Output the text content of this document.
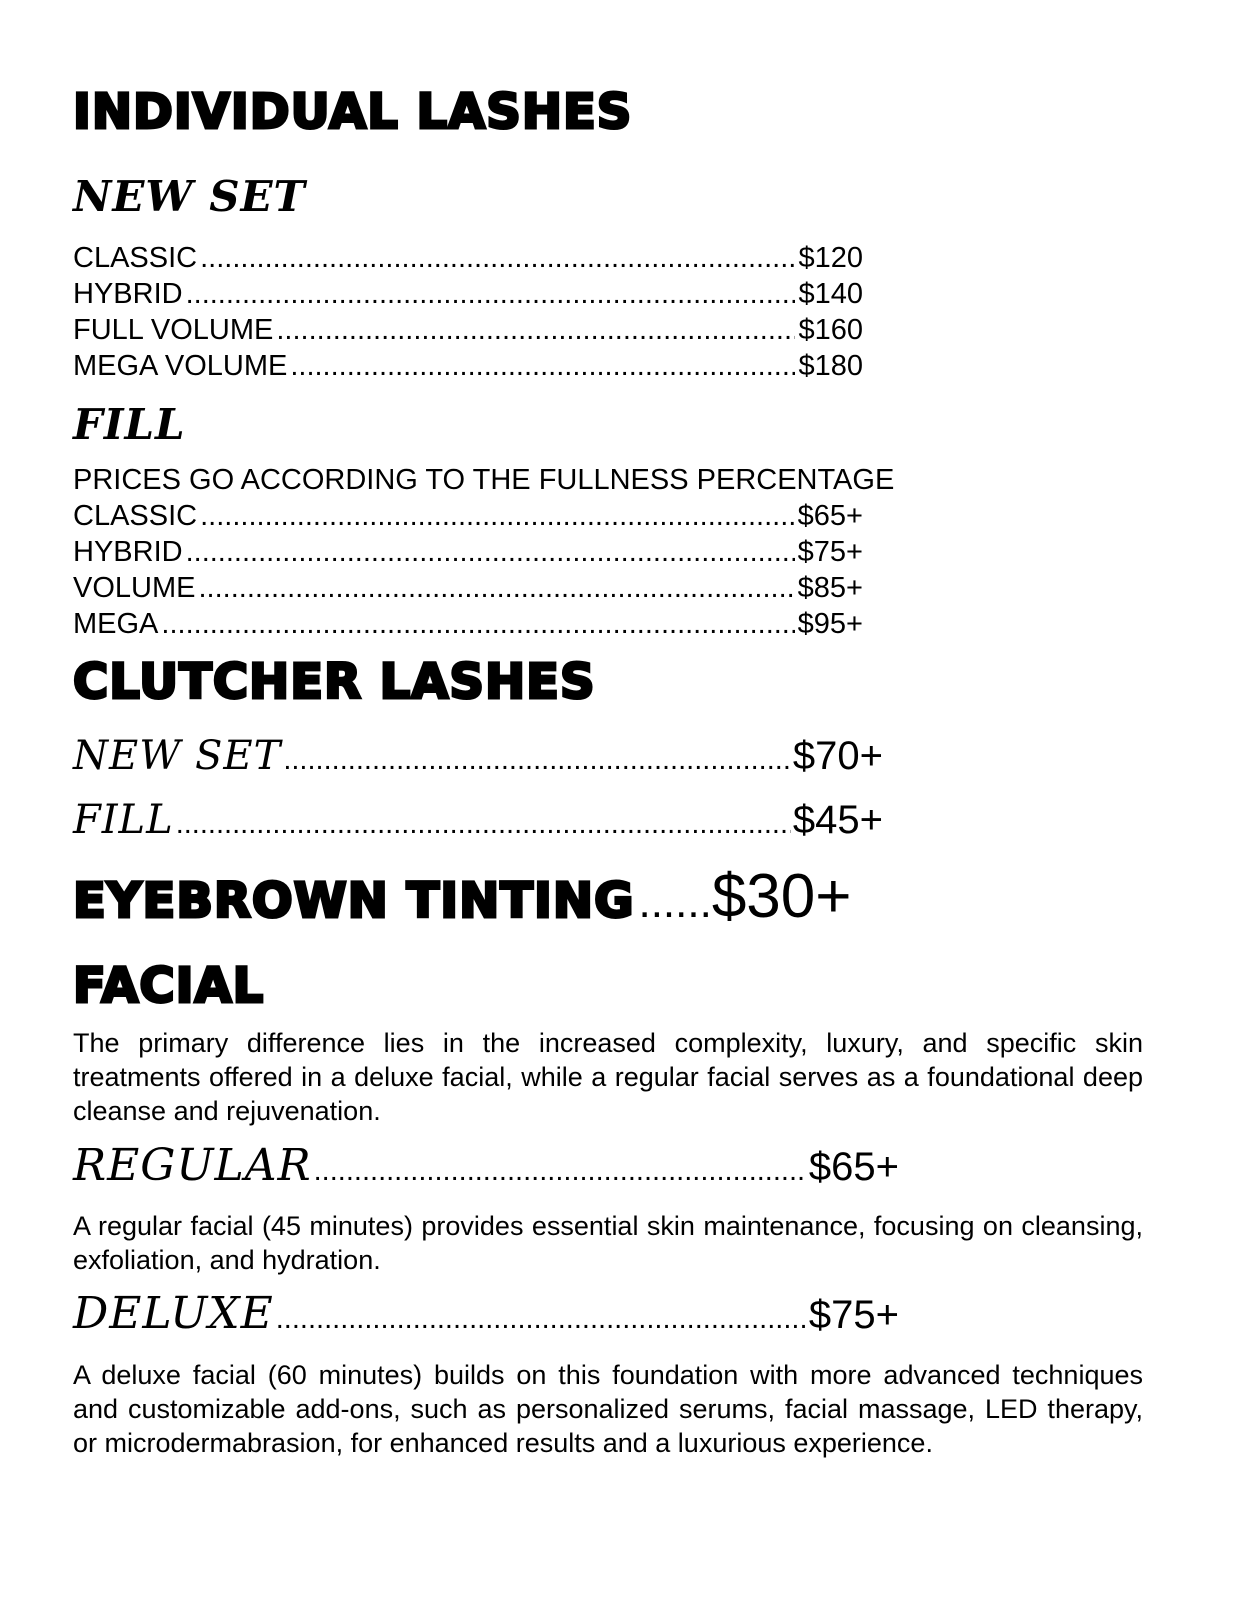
INDIVIDUAL LASHES
NEW SET
CLASSIC .....	$120
HYBRID .....	$140
FULL VOLUME .....	$160
MEGA VOLUME .....	$180
FILL
PRICES GO ACCORDING TO THE FULLNESS PERCENTAGE
CLASSIC .....	$65+
HYBRID .....	$75+
VOLUME .....	$85+
MEGA .....	$95+
CLUTCHER LASHES
NEW SET .....	$70+
FILL .....	$45+
EYEBROWN TINTING ...... $30+
FACIAL

The primary difference lies in the increased complexity, luxury, and specific skin treatments offered in a deluxe facial, while a regular facial serves as a foundational deep cleanse and rejuvenation.

REGULAR .....	$65+

A regular facial (45 minutes) provides essential skin maintenance, focusing on cleansing, exfoliation, and hydration.

DELUXE .....	$75+

A deluxe facial (60 minutes) builds on this foundation with more advanced techniques and customizable add-ons, such as personalized serums, facial massage, LED therapy, or microdermabrasion, for enhanced results and a luxurious experience.
